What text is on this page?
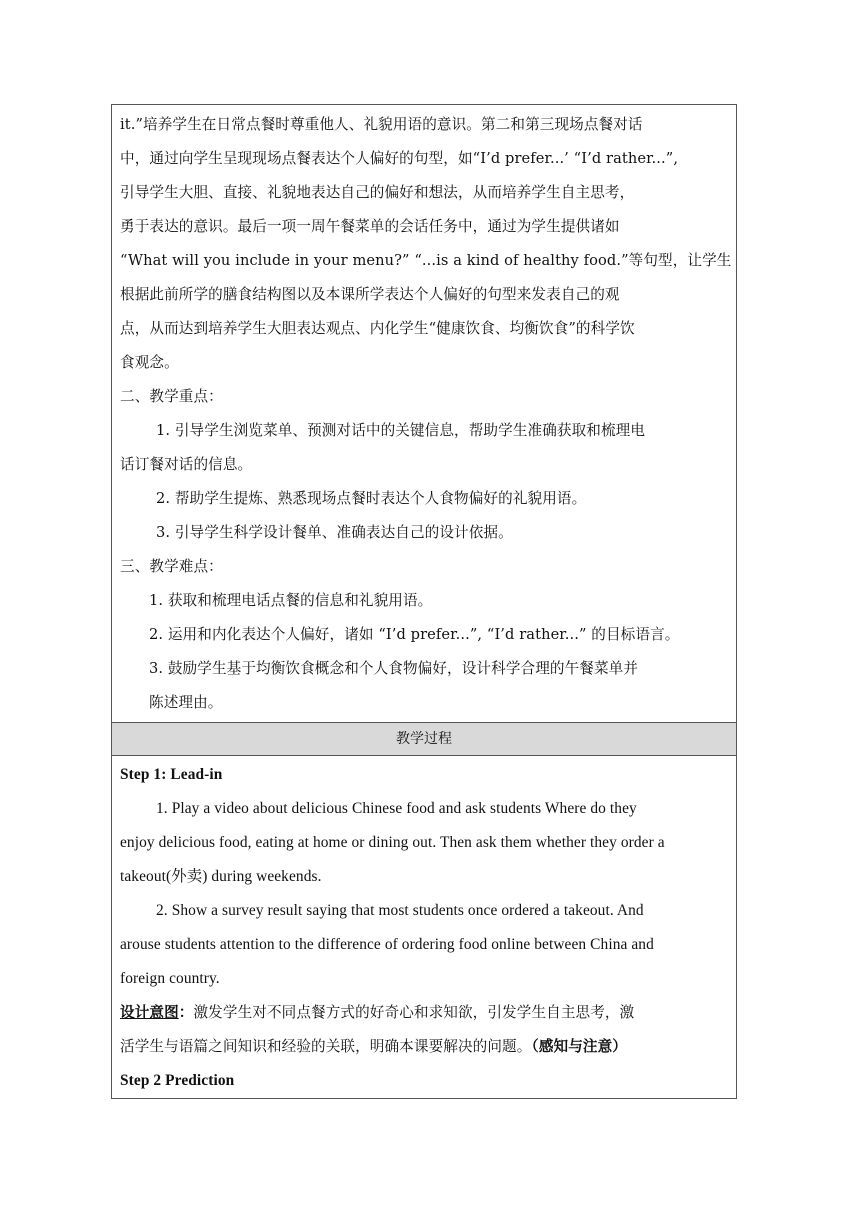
it.”培养学生在日常点餐时尊重他人、礼貌用语的意识。第二和第三现场点餐对话
中，通过向学生呈现现场点餐表达个人偏好的句型，如“I’d prefer...’ “I’d rather...”,
引导学生大胆、直接、礼貌地表达自己的偏好和想法，从而培养学生自主思考，
勇于表达的意识。最后一项一周午餐菜单的会话任务中，通过为学生提供诸如
“What will you include in your menu?” “...is a kind of healthy food.”等句型，让学生
根据此前所学的膳食结构图以及本课所学表达个人偏好的句型来发表自己的观
点，从而达到培养学生大胆表达观点、内化学生“健康饮食、均衡饮食”的科学饮
食观念。
二、教学重点：
1. 引导学生浏览菜单、预测对话中的关键信息，帮助学生准确获取和梳理电
话订餐对话的信息。
2. 帮助学生提炼、熟悉现场点餐时表达个人食物偏好的礼貌用语。
3. 引导学生科学设计餐单、准确表达自己的设计依据。
三、教学难点：
1. 获取和梳理电话点餐的信息和礼貌用语。
2. 运用和内化表达个人偏好，诸如 “I’d prefer...”, “I’d rather...” 的目标语言。
3. 鼓励学生基于均衡饮食概念和个人食物偏好，设计科学合理的午餐菜单并
陈述理由。

教学过程

Step 1: Lead-in
1. Play a video about delicious Chinese food and ask students Where do they
enjoy delicious food, eating at home or dining out. Then ask them whether they order a
takeout(外卖) during weekends.
2. Show a survey result saying that most students once ordered a takeout. And
arouse students attention to the difference of ordering food online between China and
foreign country.
设计意图：激发学生对不同点餐方式的好奇心和求知欲，引发学生自主思考，激
活学生与语篇之间知识和经验的关联，明确本课要解决的问题。（感知与注意）
Step 2 Prediction
